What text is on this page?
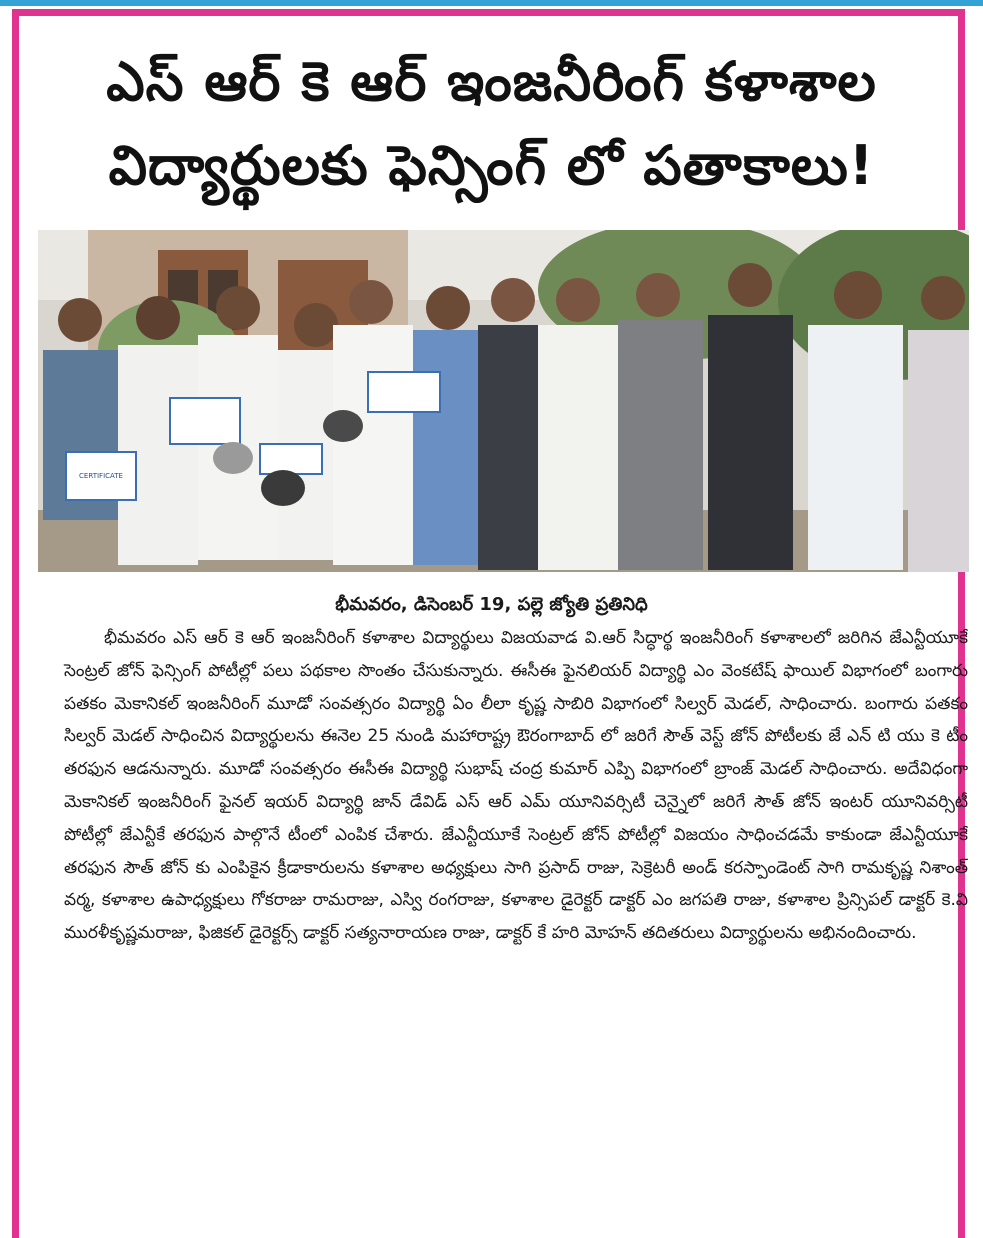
ఎస్ ఆర్ కె ఆర్ ఇంజనీరింగ్ కళాశాల
విద్యార్థులకు ఫెన్సింగ్ లో పతాకాలు!
CERTIFICATE
భీమవరం, డిసెంబర్ 19, పల్లె జ్యోతి ప్రతినిధి

భీమవరం ఎస్ ఆర్ కె ఆర్ ఇంజనీరింగ్ కళాశాల విద్యార్థులు విజయవాడ వి.ఆర్ సిద్ధార్థ ఇంజనీరింగ్ కళాశాలలో జరిగిన జేఎన్టీయూకే సెంట్రల్ జోన్ ఫెన్సింగ్ పోటీల్లో పలు పథకాల సొంతం చేసుకున్నారు. ఈసీఈ ఫైనలియర్ విద్యార్థి ఎం వెంకటేష్ ఫాయిల్ విభాగంలో బంగారు పతకం మెకానికల్ ఇంజనీరింగ్ మూడో సంవత్సరం విద్యార్థి ఏం లీలా కృష్ణ సాబిరి విభాగంలో సిల్వర్ మెడల్, సాధించారు. బంగారు పతకం సిల్వర్ మెడల్ సాధించిన విద్యార్థులను ఈనెల 25 నుండి మహారాష్ట్ర ఔరంగాబాద్ లో జరిగే సౌత్ వెస్ట్ జోన్ పోటీలకు జే ఎన్ టి యు కె టీం తరఫున ఆడనున్నారు. మూడో సంవత్సరం ఈసీఈ విద్యార్థి సుభాష్ చంద్ర కుమార్ ఎప్పి విభాగంలో బ్రాంజ్ మెడల్ సాధించారు. అదేవిధంగా మెకానికల్ ఇంజనీరింగ్ ఫైనల్ ఇయర్ విద్యార్థి జాన్ డేవిడ్ ఎస్ ఆర్ ఎమ్ యూనివర్సిటీ చెన్నైలో జరిగే సౌత్ జోన్ ఇంటర్ యూనివర్సిటీ పోటీల్లో జేఎన్టీకే తరఫున పాల్గొనే టీంలో ఎంపిక చేశారు. జేఎన్టీయూకే సెంట్రల్ జోన్ పోటీల్లో విజయం సాధించడమే కాకుండా జేఎన్టీయూకే తరఫున సౌత్ జోన్ కు ఎంపికైన క్రీడాకారులను కళాశాల అధ్యక్షులు సాగి ప్రసాద్ రాజు, సెక్రెటరీ అండ్ కరస్పాండెంట్ సాగి రామకృష్ణ నిశాంత్ వర్మ, కళాశాల ఉపాధ్యక్షులు గోకరాజు రామరాజు, ఎస్వి రంగరాజు, కళాశాల డైరెక్టర్ డాక్టర్ ఎం జగపతి రాజు, కళాశాల ప్రిన్సిపల్ డాక్టర్ కె.వి మురళీకృష్ణమరాజు, ఫిజికల్ డైరెక్టర్స్ డాక్టర్ సత్యనారాయణ రాజు, డాక్టర్ కే హరి మోహన్ తదితరులు విద్యార్థులను అభినందించారు.
